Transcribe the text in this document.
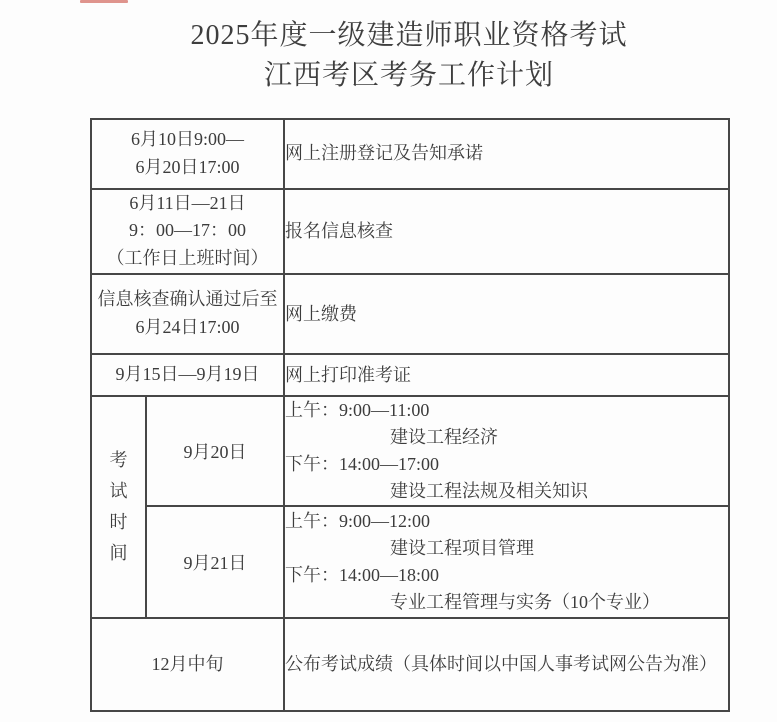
2025年度一级建造师职业资格考试
江西考区考务工作计划
6月10日9:00—
6月20日17:00		网上注册登记及告知承诺

6月11日—21日
9：00—17：00
（工作日上班时间）		报名信息核查

信息核查确认通过后至
6月24日17:00		网上缴费

9月15日—9月19日		网上打印准考证

考试时间	9月20日	上午：9:00—11:00
建设工程经济
下午：14:00—17:00
建设工程法规及相关知识

	9月21日	上午：9:00—12:00
建设工程项目管理
下午：14:00—18:00
专业工程管理与实务（10个专业）

12月中旬		公布考试成绩（具体时间以中国人事考试网公告为准）
